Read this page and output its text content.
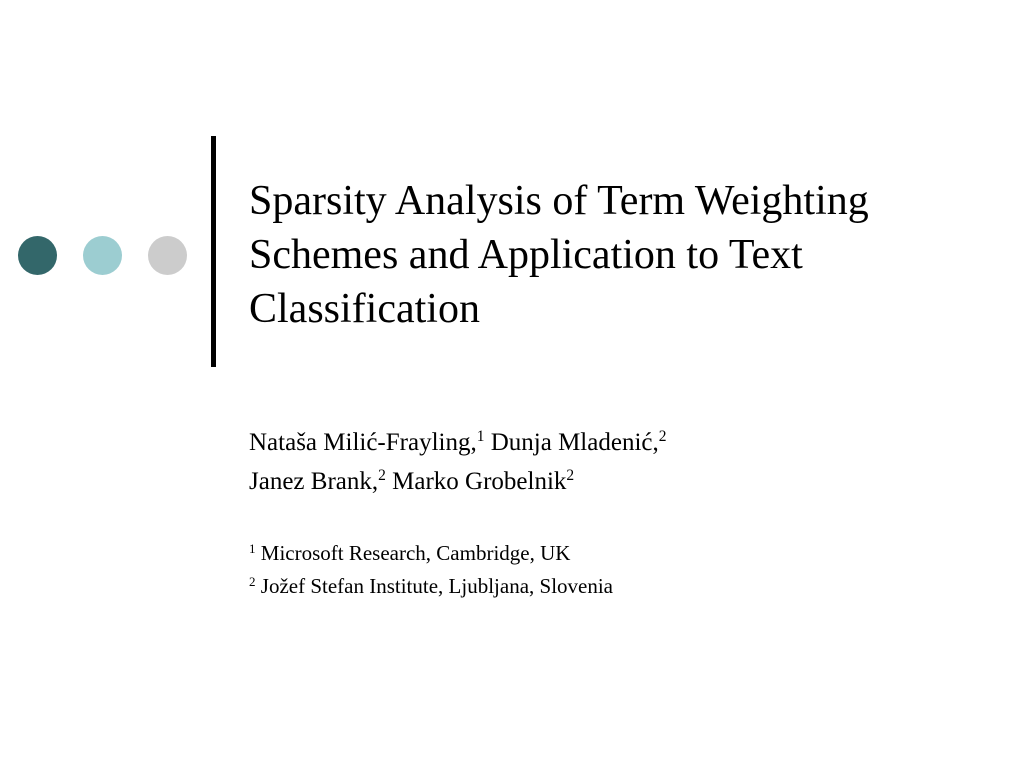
Sparsity Analysis of Term Weighting
Schemes and Application to Text
Classification
Nataša Milić-Frayling,$^1$ Dunja Mladenić,$^2$
Janez Brank,$^2$ Marko Grobelnik$^2$
$^1$ Microsoft Research, Cambridge, UK
$^2$ Jožef Stefan Institute, Ljubljana, Slovenia
